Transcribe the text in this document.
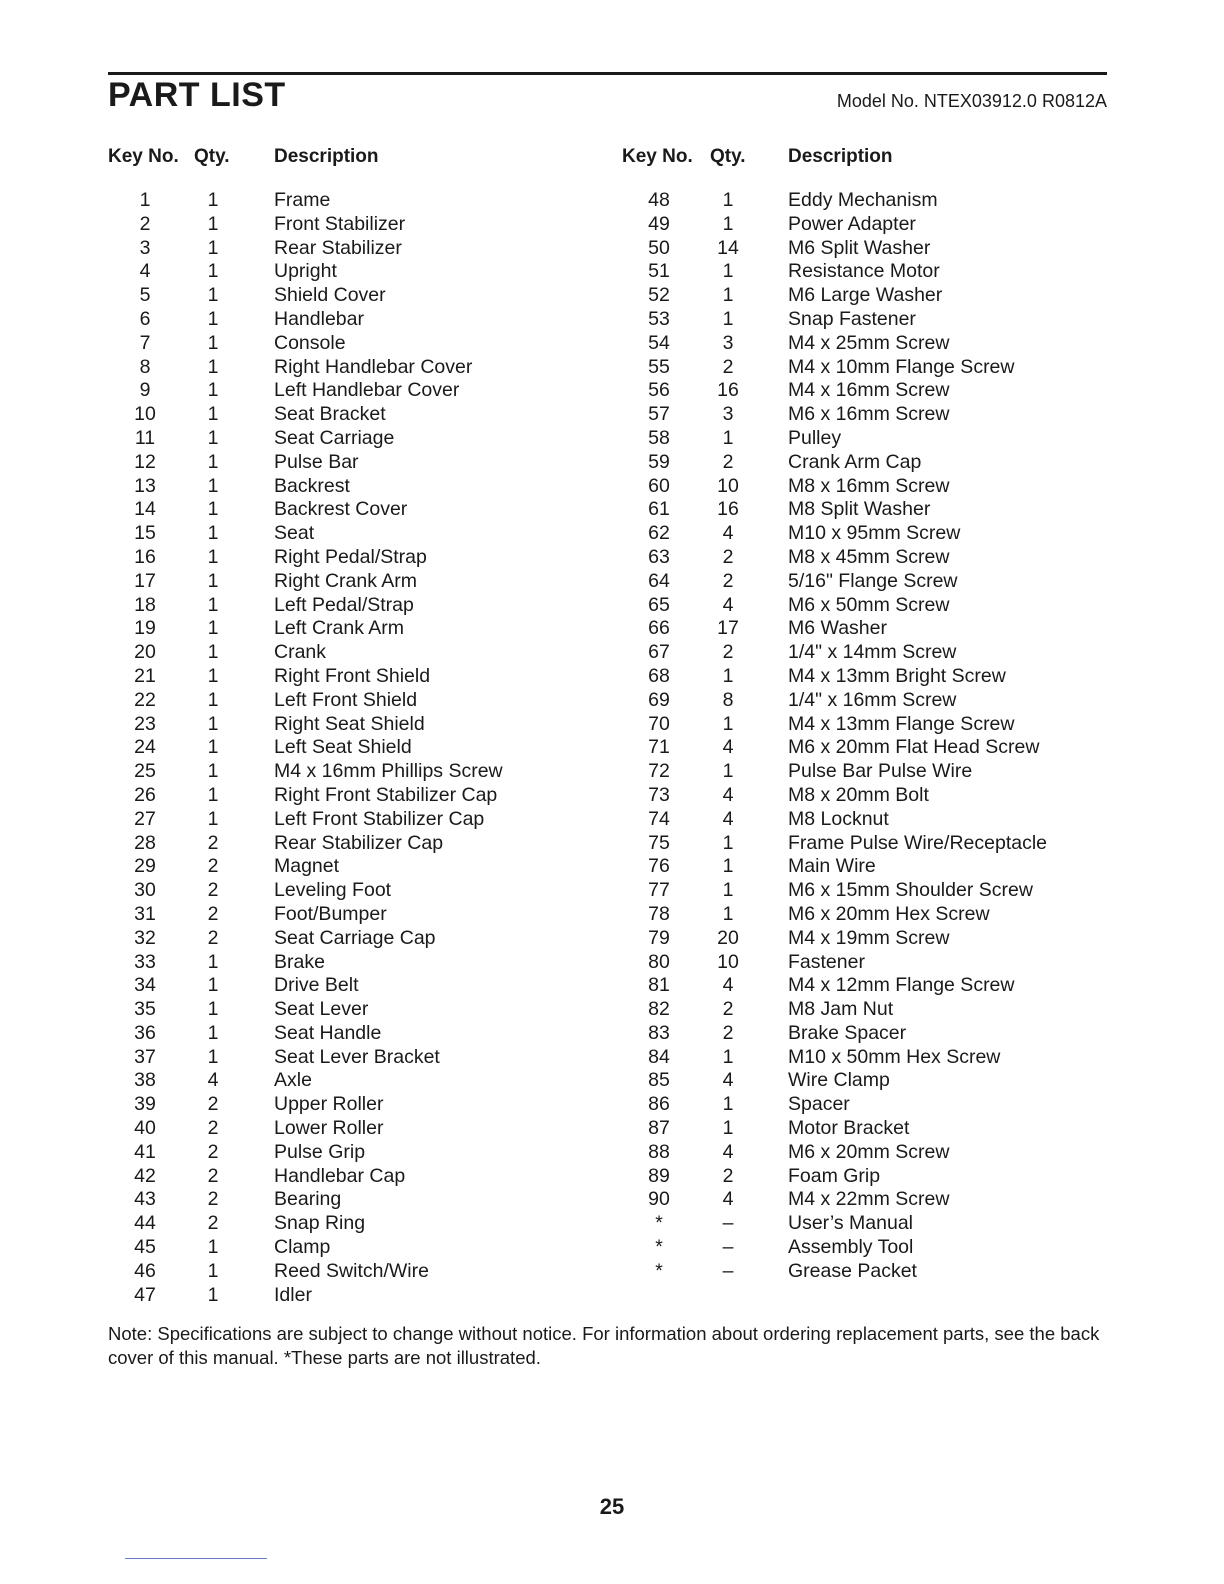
PART LIST	Model No. NTEX03912.0 R0812A
Key No. Qty. Description	Key No. Qty. Description
1	1	Frame
2	1	Front Stabilizer
3	1	Rear Stabilizer
4	1	Upright
5	1	Shield Cover
6	1	Handlebar
7	1	Console
8	1	Right Handlebar Cover
9	1	Left Handlebar Cover
10	1	Seat Bracket
11	1	Seat Carriage
12	1	Pulse Bar
13	1	Backrest
14	1	Backrest Cover
15	1	Seat
16	1	Right Pedal/Strap
17	1	Right Crank Arm
18	1	Left Pedal/Strap
19	1	Left Crank Arm
20	1	Crank
21	1	Right Front Shield
22	1	Left Front Shield
23	1	Right Seat Shield
24	1	Left Seat Shield
25	1	M4 x 16mm Phillips Screw
26	1	Right Front Stabilizer Cap
27	1	Left Front Stabilizer Cap
28	2	Rear Stabilizer Cap
29	2	Magnet
30	2	Leveling Foot
31	2	Foot/Bumper
32	2	Seat Carriage Cap
33	1	Brake
34	1	Drive Belt
35	1	Seat Lever
36	1	Seat Handle
37	1	Seat Lever Bracket
38	4	Axle
39	2	Upper Roller
40	2	Lower Roller
41	2	Pulse Grip
42	2	Handlebar Cap
43	2	Bearing
44	2	Snap Ring
45	1	Clamp
46	1	Reed Switch/Wire
47	1	Idler
48	1	Eddy Mechanism
49	1	Power Adapter
50	14	M6 Split Washer
51	1	Resistance Motor
52	1	M6 Large Washer
53	1	Snap Fastener
54	3	M4 x 25mm Screw
55	2	M4 x 10mm Flange Screw
56	16	M4 x 16mm Screw
57	3	M6 x 16mm Screw
58	1	Pulley
59	2	Crank Arm Cap
60	10	M8 x 16mm Screw
61	16	M8 Split Washer
62	4	M10 x 95mm Screw
63	2	M8 x 45mm Screw
64	2	5/16" Flange Screw
65	4	M6 x 50mm Screw
66	17	M6 Washer
67	2	1/4" x 14mm Screw
68	1	M4 x 13mm Bright Screw
69	8	1/4" x 16mm Screw
70	1	M4 x 13mm Flange Screw
71	4	M6 x 20mm Flat Head Screw
72	1	Pulse Bar Pulse Wire
73	4	M8 x 20mm Bolt
74	4	M8 Locknut
75	1	Frame Pulse Wire/Receptacle
76	1	Main Wire
77	1	M6 x 15mm Shoulder Screw
78	1	M6 x 20mm Hex Screw
79	20	M4 x 19mm Screw
80	10	Fastener
81	4	M4 x 12mm Flange Screw
82	2	M8 Jam Nut
83	2	Brake Spacer
84	1	M10 x 50mm Hex Screw
85	4	Wire Clamp
86	1	Spacer
87	1	Motor Bracket
88	4	M6 x 20mm Screw
89	2	Foam Grip
90	4	M4 x 22mm Screw
*	–	User’s Manual
*	–	Assembly Tool
*	–	Grease Packet
Note: Specifications are subject to change without notice. For information about ordering replacement parts, see the back cover of this manual. *These parts are not illustrated.
25
